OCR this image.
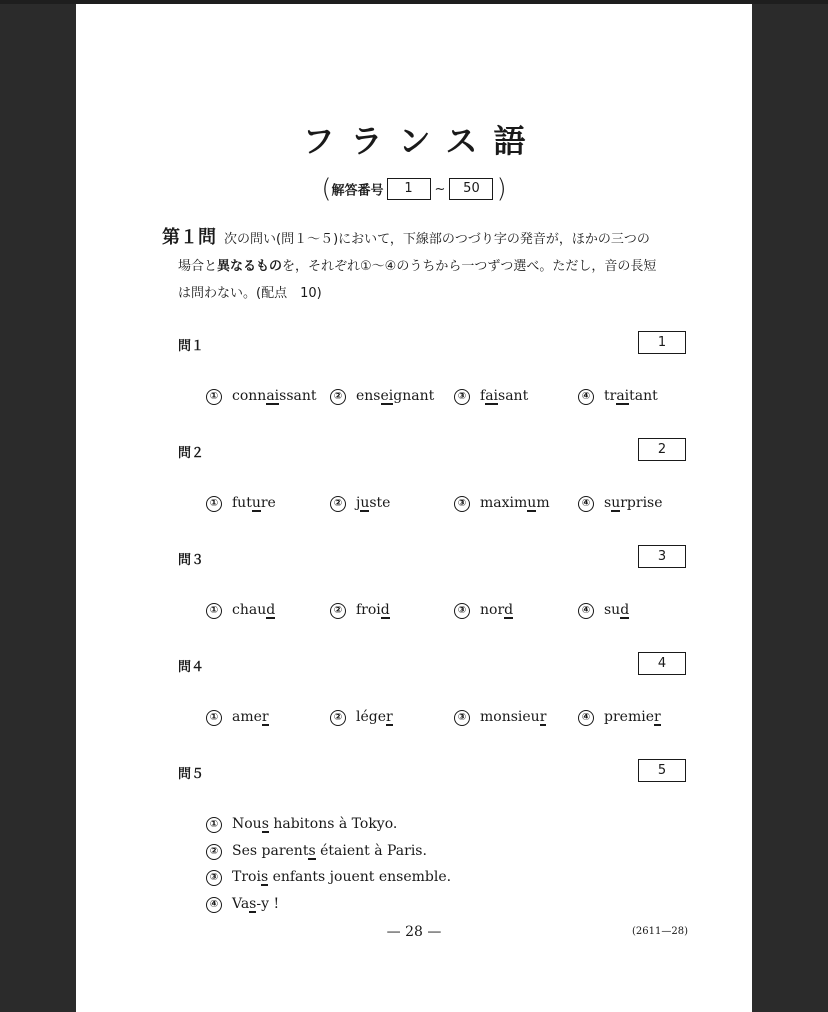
フランス語
(解答番号 1 ~ 50 )
第１問 次の問い(問１～５)において，下線部のつづり字の発音が，ほかの三つの
場合と異なるものを，それぞれ①～④のうちから一つずつ選べ。ただし，音の長短
は問わない。(配点　10)
問１	1
① connaissant	② enseignant	③ faisant	④ traitant
問２	2
① future	② juste	③ maximum	④ surprise
問３	3
① chaud	② froid	③ nord	④ sud
問４	4
① amer	② léger	③ monsieur	④ premier
問５	5
① Nous habitons à Tokyo.
② Ses parents étaient à Paris.
③ Trois enfants jouent ensemble.
④ Vas-y !
— 28 —	(2611—28)
